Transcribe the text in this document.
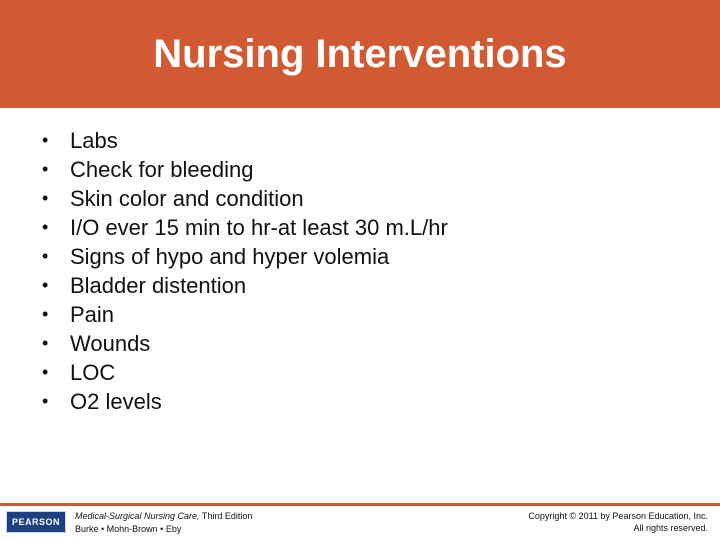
Nursing Interventions
• Labs
• Check for bleeding
• Skin color and condition
• I/O ever 15 min to hr-at least 30 m.L/hr
• Signs of hypo and hyper volemia
• Bladder distention
• Pain
• Wounds
• LOC
• O2 levels
PEARSON
Medical-Surgical Nursing Care, Third Edition
Burke • Mohn-Brown • Eby
Copyright © 2011 by Pearson Education, Inc.
All rights reserved.
